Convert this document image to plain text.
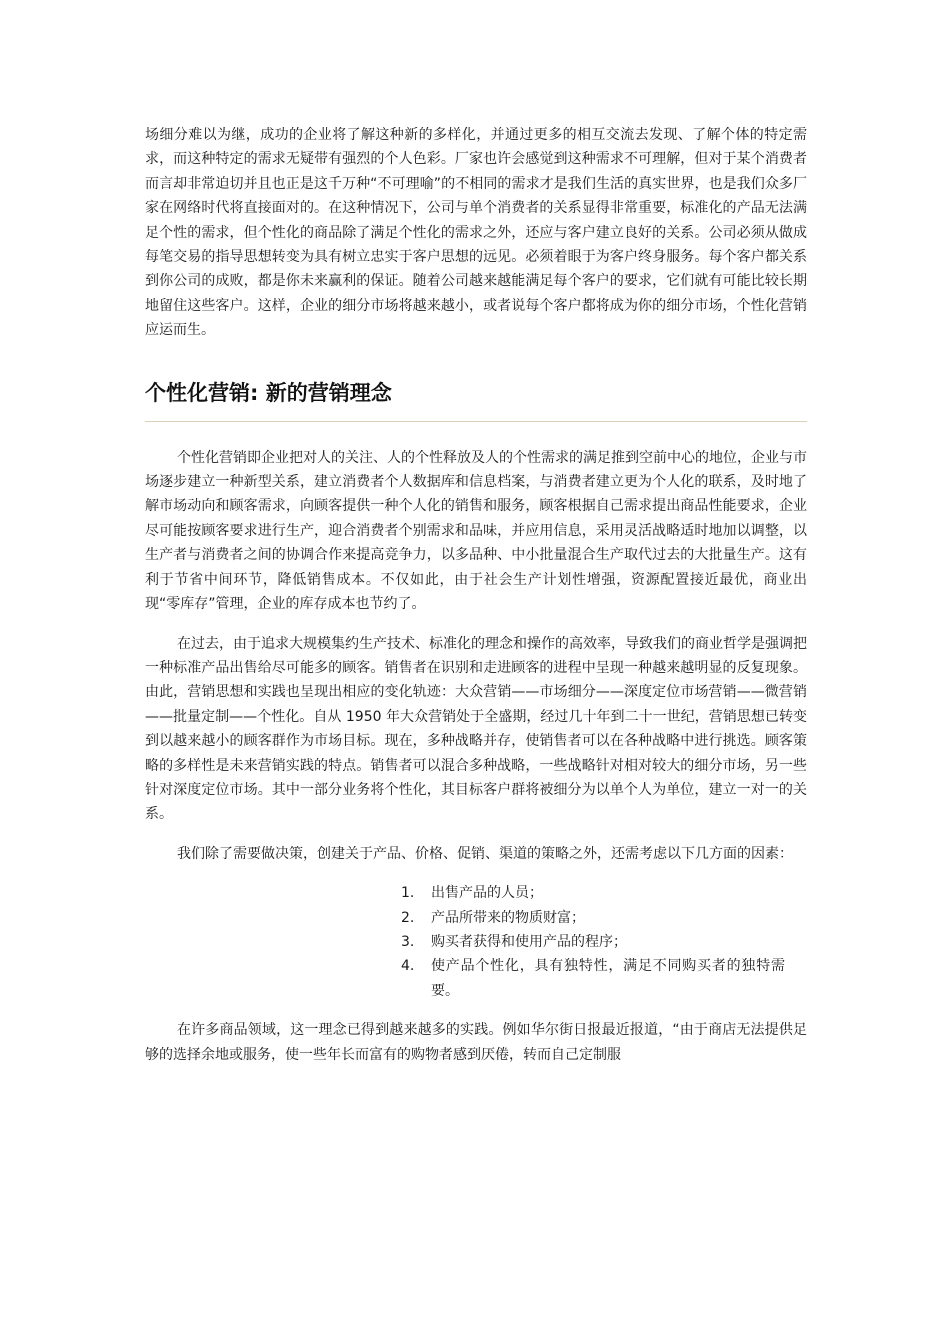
场细分难以为继，成功的企业将了解这种新的多样化，并通过更多的相互交流去发现、了解个体的特定需求，而这种特定的需求无疑带有强烈的个人色彩。厂家也许会感觉到这种需求不可理解，但对于某个消费者而言却非常迫切并且也正是这千万种“不可理喻”的不相同的需求才是我们生活的真实世界，也是我们众多厂家在网络时代将直接面对的。在这种情况下，公司与单个消费者的关系显得非常重要，标准化的产品无法满足个性的需求，但个性化的商品除了满足个性化的需求之外，还应与客户建立良好的关系。公司必须从做成每笔交易的指导思想转变为具有树立忠实于客户思想的远见。必须着眼于为客户终身服务。每个客户都关系到你公司的成败，都是你未来赢利的保证。随着公司越来越能满足每个客户的要求，它们就有可能比较长期地留住这些客户。这样，企业的细分市场将越来越小，或者说每个客户都将成为你的细分市场，个性化营销应运而生。

个性化营销: 新的营销理念

个性化营销即企业把对人的关注、人的个性释放及人的个性需求的满足推到空前中心的地位，企业与市场逐步建立一种新型关系，建立消费者个人数据库和信息档案，与消费者建立更为个人化的联系，及时地了解市场动向和顾客需求，向顾客提供一种个人化的销售和服务，顾客根据自己需求提出商品性能要求，企业尽可能按顾客要求进行生产，迎合消费者个别需求和品味，并应用信息，采用灵活战略适时地加以调整，以生产者与消费者之间的协调合作来提高竞争力，以多品种、中小批量混合生产取代过去的大批量生产。这有利于节省中间环节，降低销售成本。不仅如此，由于社会生产计划性增强，资源配置接近最优，商业出现“零库存”管理，企业的库存成本也节约了。

在过去，由于追求大规模集约生产技术、标准化的理念和操作的高效率，导致我们的商业哲学是强调把一种标准产品出售给尽可能多的顾客。销售者在识别和走进顾客的进程中呈现一种越来越明显的反复现象。由此，营销思想和实践也呈现出相应的变化轨迹：大众营销——市场细分——深度定位市场营销——微营销——批量定制——个性化。自从 1950 年大众营销处于全盛期，经过几十年到二十一世纪，营销思想已转变到以越来越小的顾客群作为市场目标。现在，多种战略并存，使销售者可以在各种战略中进行挑选。顾客策略的多样性是未来营销实践的特点。销售者可以混合多种战略，一些战略针对相对较大的细分市场，另一些针对深度定位市场。其中一部分业务将个性化，其目标客户群将被细分为以单个人为单位，建立一对一的关系。

我们除了需要做决策，创建关于产品、价格、促销、渠道的策略之外，还需考虑以下几方面的因素：

1. 出售产品的人员；
2. 产品所带来的物质财富；
3. 购买者获得和使用产品的程序；
4. 使产品个性化，具有独特性，满足不同购买者的独特需要。

在许多商品领域，这一理念已得到越来越多的实践。例如华尔街日报最近报道，“由于商店无法提供足够的选择余地或服务，使一些年长而富有的购物者感到厌倦，转而自己定制服
